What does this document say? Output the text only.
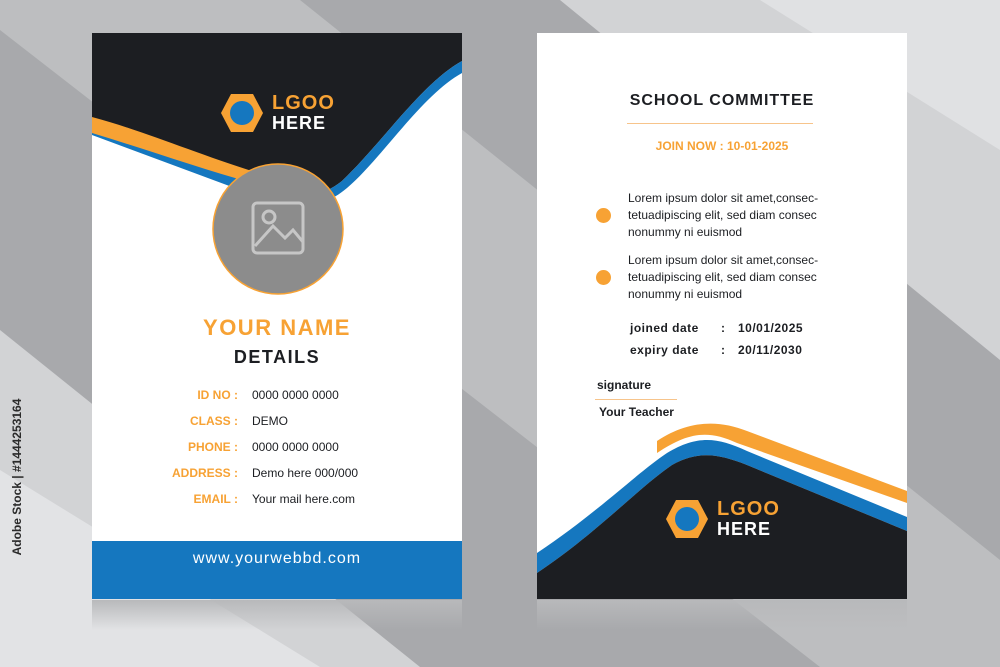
Adobe Stock | #1444253164
LGOO
HERE
YOUR NAME
DETAILS
ID NO : 0000 0000 0000
CLASS : DEMO
PHONE : 0000 0000 0000
ADDRESS : Demo here 000/000
EMAIL : Your mail here.com
www.yourwebbd.com
SCHOOL COMMITTEE
JOIN NOW : 10-01-2025
Lorem ipsum dolor sit amet,consec-
tetuadipiscing elit, sed diam consec
nonummy ni euismod
Lorem ipsum dolor sit amet,consec-
tetuadipiscing elit, sed diam consec
nonummy ni euismod
joined date : 10/01/2025
expiry date : 20/11/2030
signature
Your Teacher
LGOO
HERE
